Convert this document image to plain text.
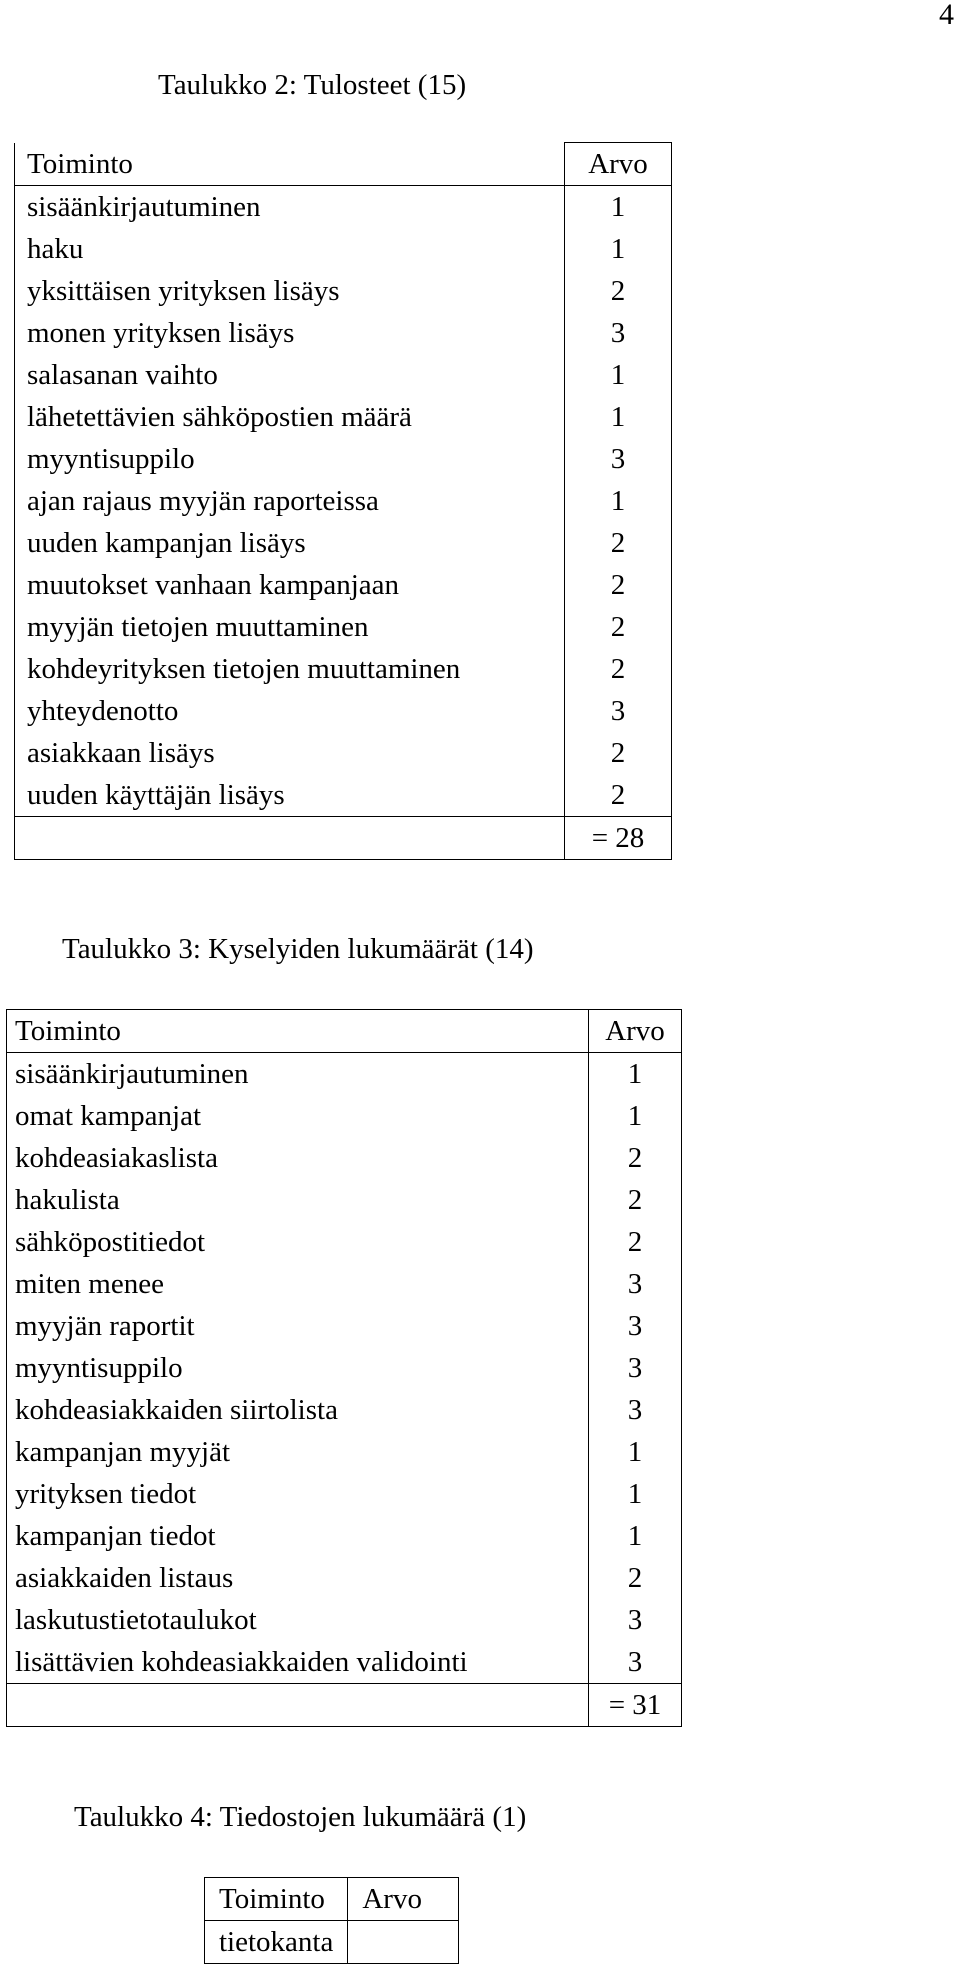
4
Taulukko 2: Tulosteet (15)
Toiminto	Arvo
sisäänkirjautuminen	1
haku	1
yksittäisen yrityksen lisäys	2
monen yrityksen lisäys	3
salasanan vaihto	1
lähetettävien sähköpostien määrä	1
myyntisuppilo	3
ajan rajaus myyjän raporteissa	1
uuden kampanjan lisäys	2
muutokset vanhaan kampanjaan	2
myyjän tietojen muuttaminen	2
kohdeyrityksen tietojen muuttaminen	2
yhteydenotto	3
asiakkaan lisäys	2
uuden käyttäjän lisäys	2
	= 28
Taulukko 3: Kyselyiden lukumäärät (14)
Toiminto	Arvo
sisäänkirjautuminen	1
omat kampanjat	1
kohdeasiakaslista	2
hakulista	2
sähköpostitiedot	2
miten menee	3
myyjän raportit	3
myyntisuppilo	3
kohdeasiakkaiden siirtolista	3
kampanjan myyjät	1
yrityksen tiedot	1
kampanjan tiedot	1
asiakkaiden listaus	2
laskutustietotaulukot	3
lisättävien kohdeasiakkaiden validointi	3
	= 31
Taulukko 4: Tiedostojen lukumäärä (1)
Toiminto	Arvo
tietokanta	
